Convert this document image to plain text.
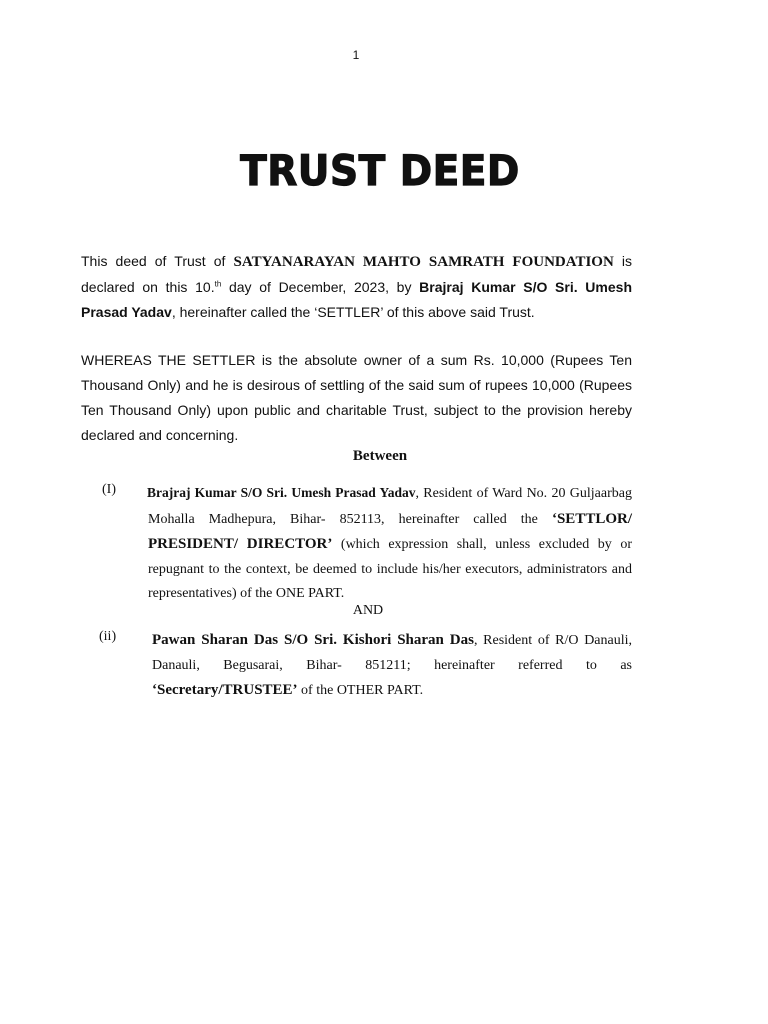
1
TRUST DEED

This deed of Trust of SATYANARAYAN MAHTO SAMRATH FOUNDATION is declared on this 10.$^{th}$ day of December, 2023, by Brajraj Kumar S/O Sri. Umesh Prasad Yadav, hereinafter called the ‘SETTLER’ of this above said Trust.

WHEREAS THE SETTLER is the absolute owner of a sum Rs. 10,000 (Rupees Ten Thousand Only) and he is desirous of settling of the said sum of rupees 10,000 (Rupees Ten Thousand Only) upon public and charitable Trust, subject to the provision hereby declared and concerning.

Between
(I) Brajraj Kumar S/O Sri. Umesh Prasad Yadav, Resident of Ward No. 20 Guljaarbag Mohalla Madhepura, Bihar- 852113, hereinafter called the ‘SETTLOR/ PRESIDENT/ DIRECTOR’ (which expression shall, unless excluded by or repugnant to the context, be deemed to include his/her executors, administrators and representatives) of the ONE PART.

AND
(ii) Pawan Sharan Das S/O Sri. Kishori Sharan Das, Resident of R/O Danauli, Danauli, Begusarai, Bihar- 851211; hereinafter referred to as ‘Secretary/TRUSTEE’ of the OTHER PART.
